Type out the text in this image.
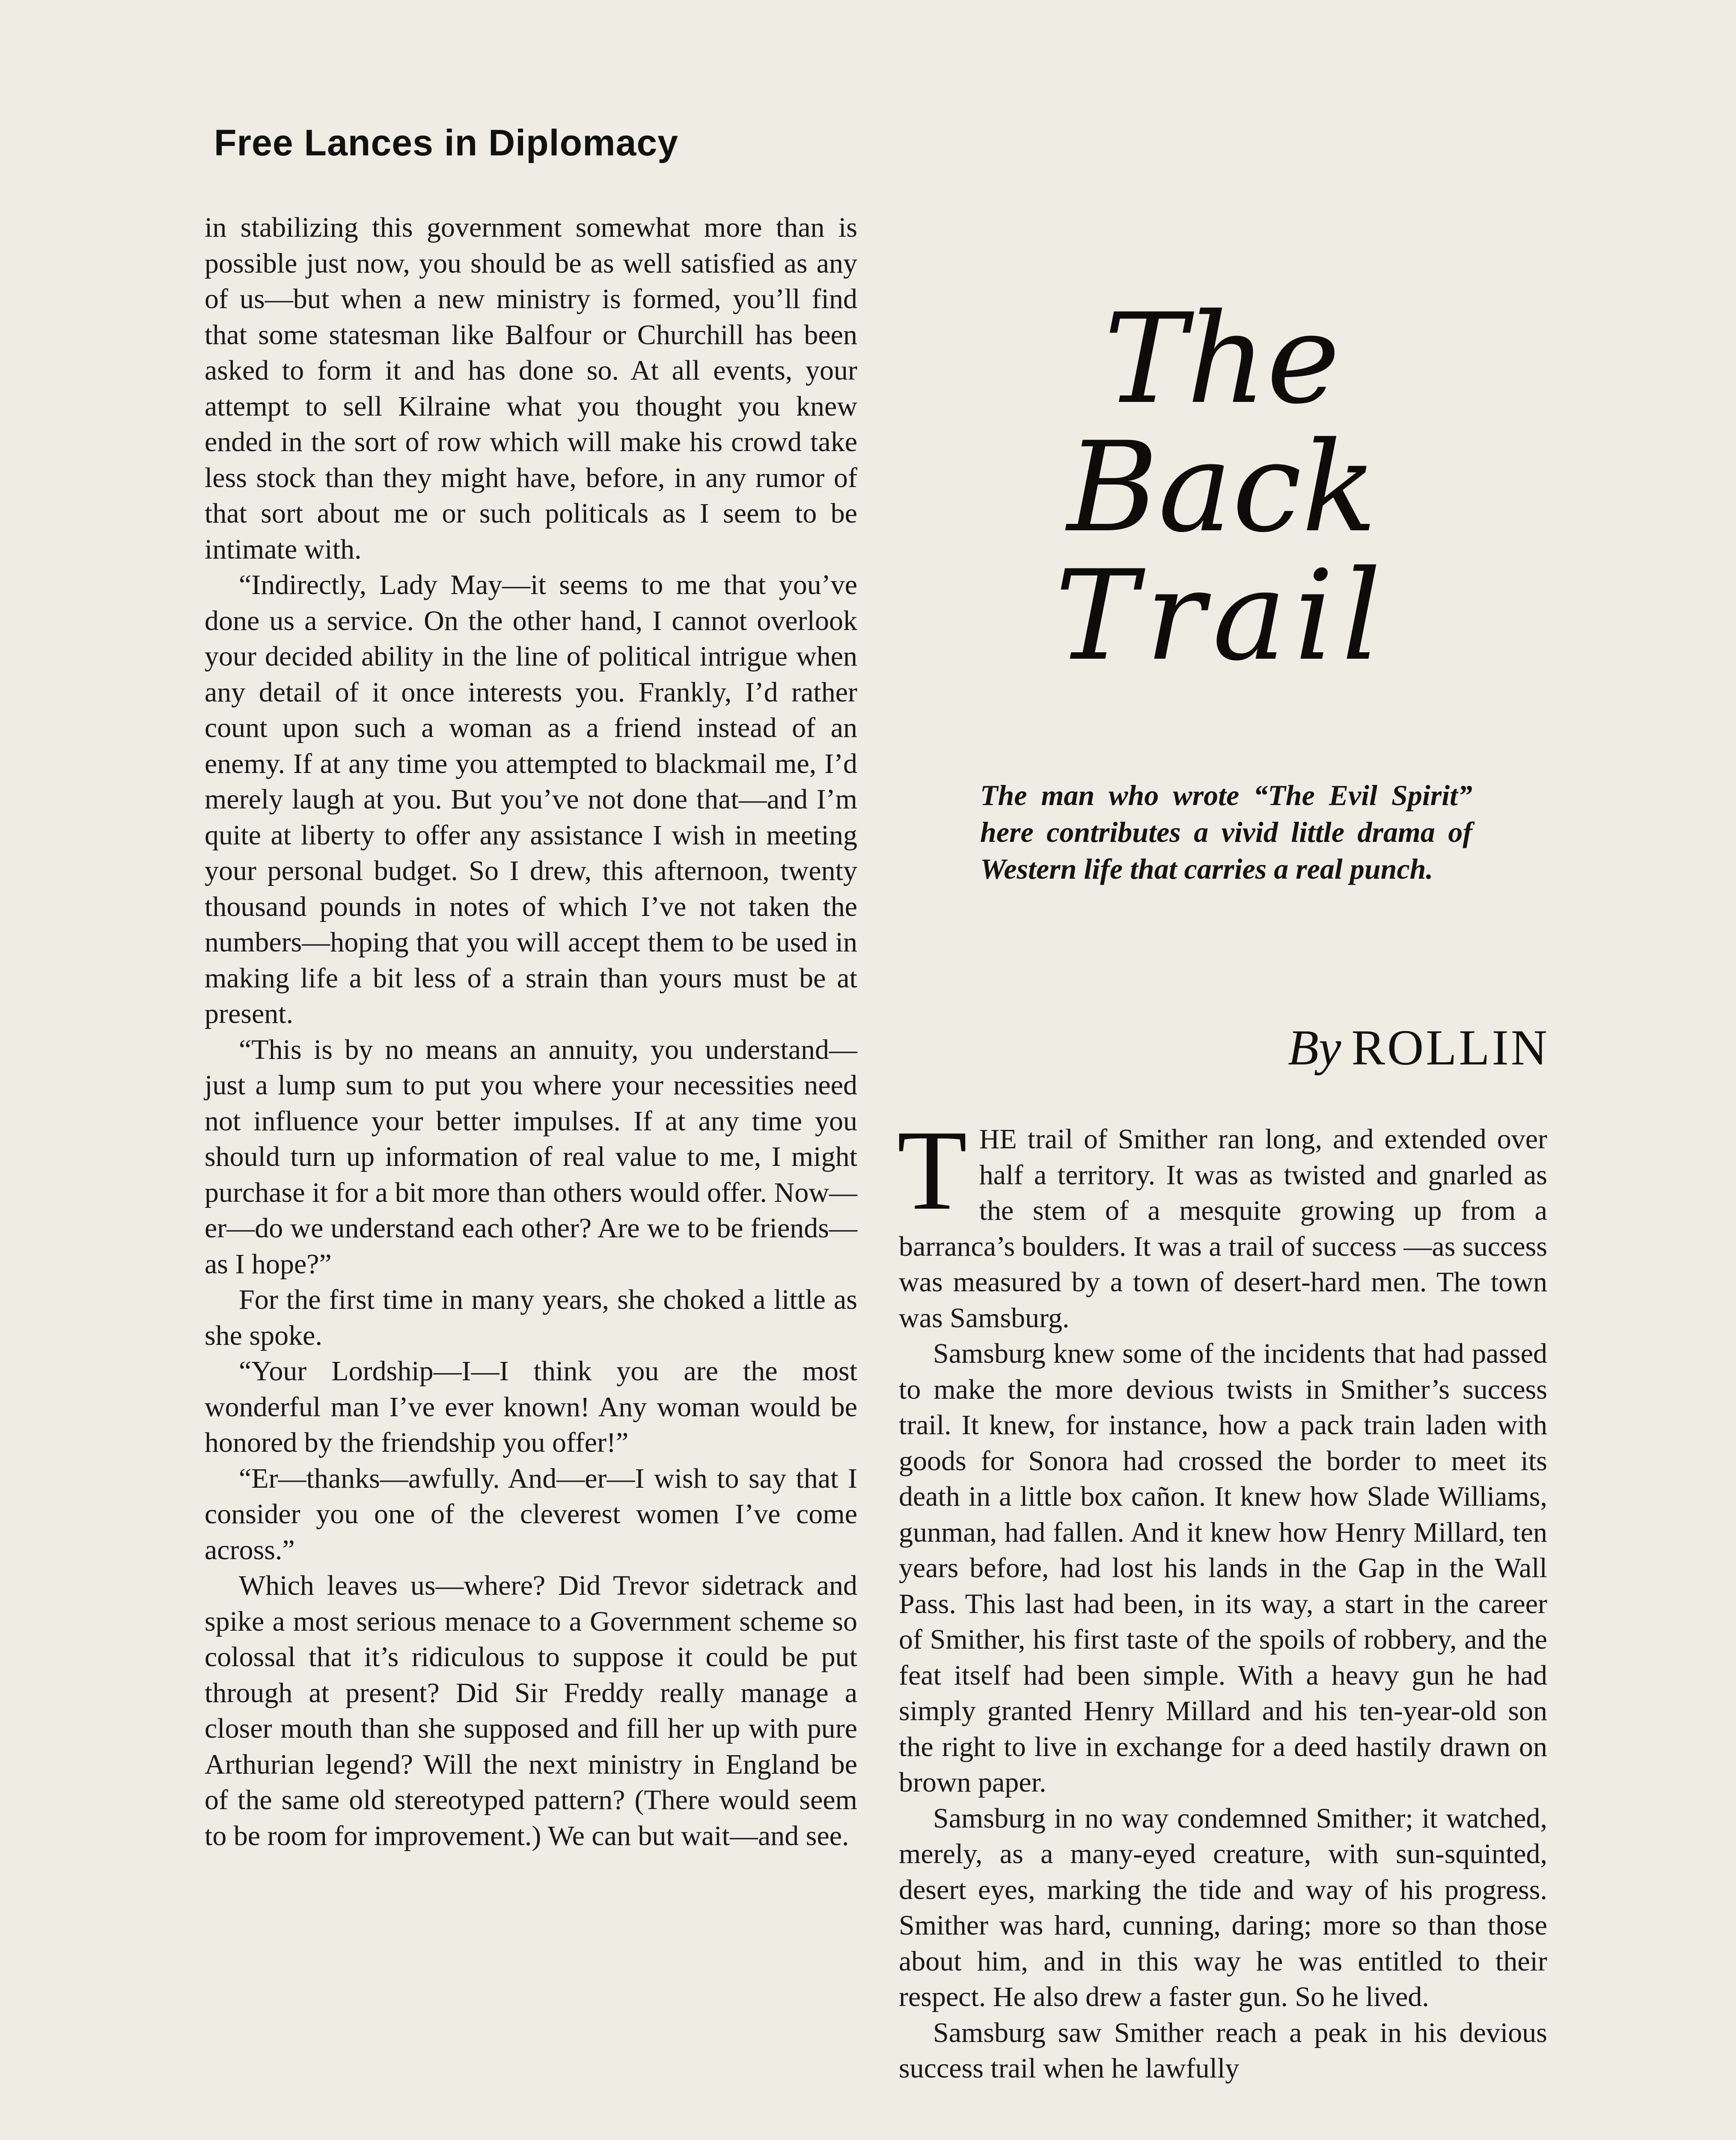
Free Lances in Diplomacy

in stabilizing this government somewhat more than is possible just now, you should be as well satisfied as any of us—but when a new ministry is formed, you’ll find that some statesman like Balfour or Churchill has been asked to form it and has done so. At all events, your attempt to sell Kilraine what you thought you knew ended in the sort of row which will make his crowd take less stock than they might have, before, in any rumor of that sort about me or such politicals as I seem to be intimate with.

“Indirectly, Lady May—it seems to me that you’ve done us a service. On the other hand, I cannot overlook your decided ability in the line of political intrigue when any detail of it once interests you. Frankly, I’d rather count upon such a woman as a friend instead of an enemy. If at any time you attempted to blackmail me, I’d merely laugh at you. But you’ve not done that—and I’m quite at liberty to offer any assistance I wish in meeting your personal budget. So I drew, this afternoon, twenty thousand pounds in notes of which I’ve not taken the numbers—hoping that you will accept them to be used in making life a bit less of a strain than yours must be at present.

“This is by no means an annuity, you understand—just a lump sum to put you where your necessities need not influence your better impulses. If at any time you should turn up information of real value to me, I might purchase it for a bit more than others would offer. Now—er—do we understand each other? Are we to be friends—as I hope?”

For the first time in many years, she choked a little as she spoke.

“Your Lordship—I—I think you are the most wonderful man I’ve ever known! Any woman would be honored by the friendship you offer!”

“Er—thanks—awfully. And—er—I wish to say that I consider you one of the cleverest women I’ve come across.”

Which leaves us—where? Did Trevor sidetrack and spike a most serious menace to a Government scheme so colossal that it’s ridiculous to suppose it could be put through at present? Did Sir Freddy really manage a closer mouth than she supposed and fill her up with pure Arthurian legend? Will the next ministry in England be of the same old stereotyped pattern? (There would seem to be room for improvement.) We can but wait—and see.

The
Back
Trail
The man who wrote “The Evil Spirit” here contributes a vivid little drama of Western life that carries a real punch.
By ROLLIN

THE trail of Smither ran long, and extended over half a territory. It was as twisted and gnarled as the stem of a mesquite growing up from a barranca’s boulders. It was a trail of success —as success was measured by a town of desert-hard men. The town was Samsburg.

Samsburg knew some of the incidents that had passed to make the more devious twists in Smither’s success trail. It knew, for instance, how a pack train laden with goods for Sonora had crossed the border to meet its death in a little box cañon. It knew how Slade Williams, gunman, had fallen. And it knew how Henry Millard, ten years before, had lost his lands in the Gap in the Wall Pass. This last had been, in its way, a start in the career of Smither, his first taste of the spoils of robbery, and the feat itself had been simple. With a heavy gun he had simply granted Henry Millard and his ten-year-old son the right to live in exchange for a deed hastily drawn on brown paper.

Samsburg in no way condemned Smither; it watched, merely, as a many-eyed creature, with sun-squinted, desert eyes, marking the tide and way of his progress. Smither was hard, cunning, daring; more so than those about him, and in this way he was entitled to their respect. He also drew a faster gun. So he lived.

Samsburg saw Smither reach a peak in his devious success trail when he lawfully
